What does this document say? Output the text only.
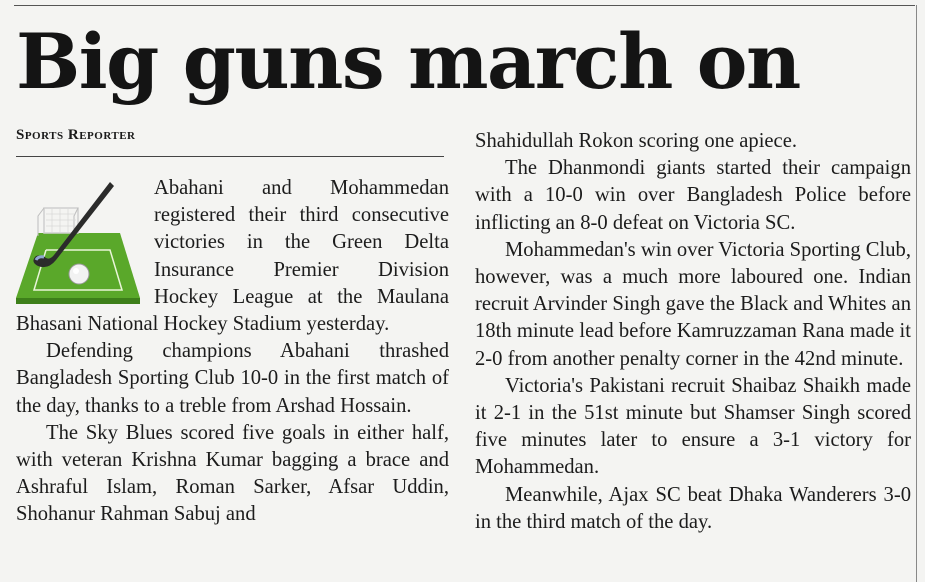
Big guns march on
Sports Reporter

Abahani and Mohammedan registered their third consecutive victories in the Green Delta Insurance Premier Division Hockey League at the Maulana Bhasani National Hockey Stadium yesterday.

Defending champions Abahani thrashed Bangladesh Sporting Club 10-0 in the first match of the day, thanks to a treble from Arshad Hossain.

The Sky Blues scored five goals in either half, with veteran Krishna Kumar bagging a brace and Ashraful Islam, Roman Sarker, Afsar Uddin, Shohanur Rahman Sabuj and

Shahidullah Rokon scoring one apiece.

The Dhanmondi giants started their campaign with a 10-0 win over Bangladesh Police before inflicting an 8-0 defeat on Victoria SC.

Mohammedan's win over Victoria Sporting Club, however, was a much more laboured one. Indian recruit Arvinder Singh gave the Black and Whites an 18th minute lead before Kamruzzaman Rana made it 2-0 from another penalty corner in the 42nd minute.

Victoria's Pakistani recruit Shaibaz Shaikh made it 2-1 in the 51st minute but Shamser Singh scored five minutes later to ensure a 3-1 victory for Mohammedan.

Meanwhile, Ajax SC beat Dhaka Wanderers 3-0 in the third match of the day.
